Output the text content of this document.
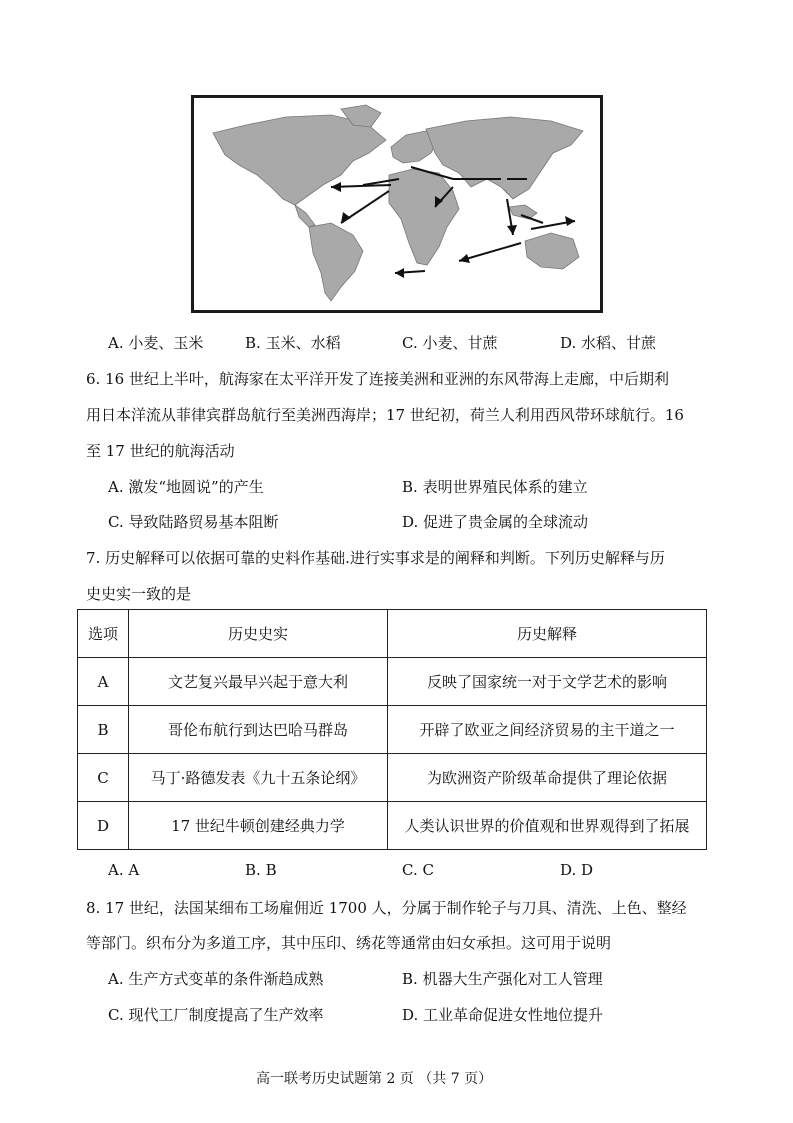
A. 小麦、玉米	B. 玉米、水稻	C. 小麦、甘蔗	D. 水稻、甘蔗
6. 16 世纪上半叶，航海家在太平洋开发了连接美洲和亚洲的东风带海上走廊，中后期利
用日本洋流从菲律宾群岛航行至美洲西海岸；17 世纪初，荷兰人利用西风带环球航行。16
至 17 世纪的航海活动
A. 激发“地圆说”的产生	B. 表明世界殖民体系的建立
C. 导致陆路贸易基本阻断	D. 促进了贵金属的全球流动
7. 历史解释可以依据可靠的史料作基础.进行实事求是的阐释和判断。下列历史解释与历
史史实一致的是
选项	历史史实	历史解释
A	文艺复兴最早兴起于意大利	反映了国家统一对于文学艺术的影响
B	哥伦布航行到达巴哈马群岛	开辟了欧亚之间经济贸易的主干道之一
C	马丁·路德发表《九十五条论纲》	为欧洲资产阶级革命提供了理论依据
D	17 世纪牛顿创建经典力学	人类认识世界的价值观和世界观得到了拓展
A. A	B. B	C. C	D. D
8. 17 世纪，法国某细布工场雇佣近 1700 人，分属于制作轮子与刀具、清洗、上色、整经
等部门。织布分为多道工序，其中压印、绣花等通常由妇女承担。这可用于说明
A. 生产方式变革的条件渐趋成熟	B. 机器大生产强化对工人管理
C. 现代工厂制度提高了生产效率	D. 工业革命促进女性地位提升
高一联考历史试题第 2 页 （共 7 页）
